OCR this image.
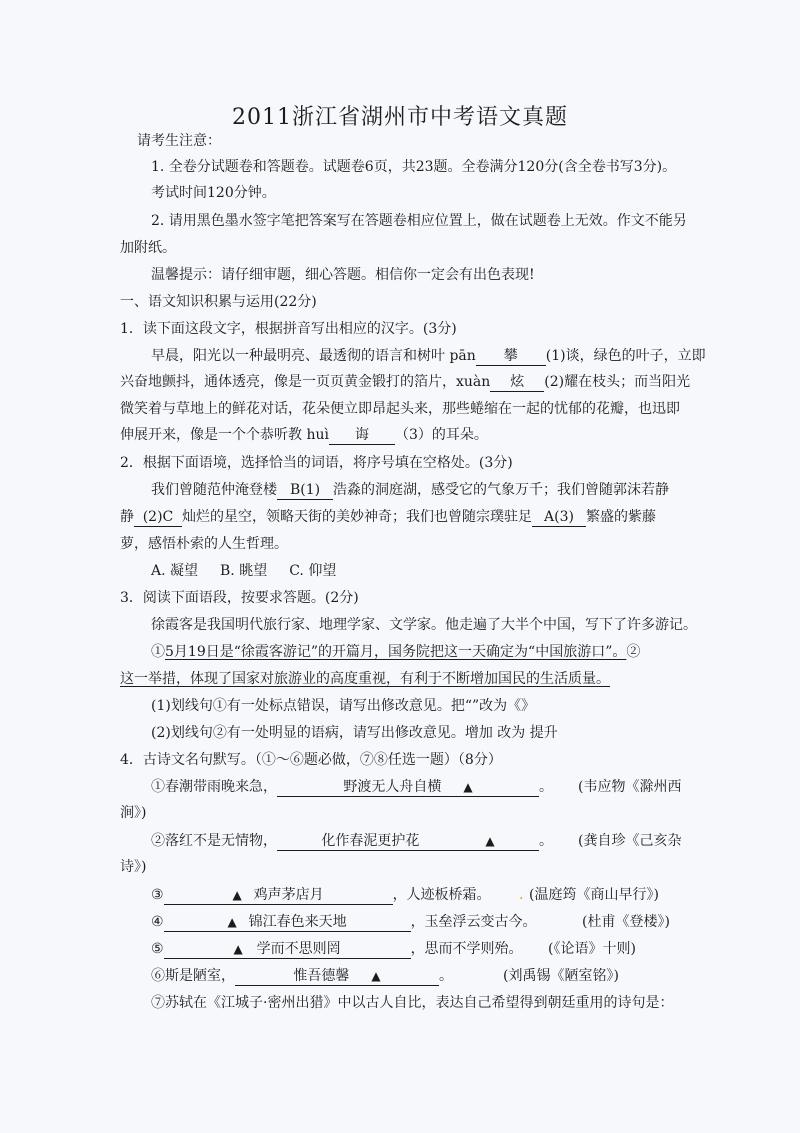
2011浙江省湖州市中考语文真题
请考生注意：
1. 全卷分试题卷和答题卷。试题卷6页，共23题。全卷满分120分(含全卷书写3分)。
考试时间120分钟。
2. 请用黑色墨水签字笔把答案写在答题卷相应位置上，做在试题卷上无效。作文不能另
加附纸。
温馨提示：请仔细审题，细心答题。相信你一定会有出色表现!
一、语文知识积累与运用(22分)
1．读下面这段文字，根据拼音写出相应的汉字。(3分)
早晨，阳光以一种最明亮、最透彻的语言和树叶 pān 攀 (1)谈，绿色的叶子，立即
兴奋地颤抖，通体透亮，像是一页页黄金锻打的箔片，xuàn 炫 (2)耀在枝头；而当阳光
微笑着与草地上的鲜花对话，花朵便立即昂起头来，那些蜷缩在一起的忧郁的花瓣，也迅即
伸展开来，像是一个个恭听教 huì 诲 （3）的耳朵。
2．根据下面语境，选择恰当的词语，将序号填在空格处。(3分)
我们曾随范仲淹登楼 B(1) 浩淼的洞庭湖，感受它的气象万千；我们曾随郭沫若静
静 (2)C 灿烂的星空，领略天街的美妙神奇；我们也曾随宗璞驻足 A(3) 繁盛的紫藤
萝，感悟朴索的人生哲理。
A. 凝望 B. 眺望 C. 仰望
3．阅读下面语段，按要求答题。(2分)
徐霞客是我国明代旅行家、地理学家、文学家。他走遍了大半个中国，写下了许多游记。
①5月19日是“徐霞客游记”的开篇月，国务院把这一天确定为“中国旅游口”。②
这一举措，体现了国家对旅游业的高度重视，有利于不断增加国民的生活质量。
(1)划线句①有一处标点错误，请写出修改意见。把“”改为《》
(2)划线句②有一处明显的语病，请写出修改意见。增加 改为 提升
4．古诗文名句默写。（①～⑥题必做，⑦⑧任选一题）（8分）
①春潮带雨晚来急，	野渡无人舟自横 ▲	。 (韦应物《滁州西
涧》)
②落红不是无情物，	化作春泥更护花	▲	。 (龚自珍《己亥杂
诗》)
③	▲ 鸡声茅店月	，人迹板桥霜。 . (温庭筠《商山早行》)
④	▲ 锦江春色来天地	，玉垒浮云变古今。	(杜甫《登楼》)
⑤	▲ 学而不思则罔	，思而不学则殆。 (《论语》十则)
⑥斯是陋室，	惟吾德馨 ▲	。	(刘禹锡《陋室铭》)
⑦苏轼在《江城子·密州出猎》中以古人自比，表达自己希望得到朝廷重用的诗句是：
